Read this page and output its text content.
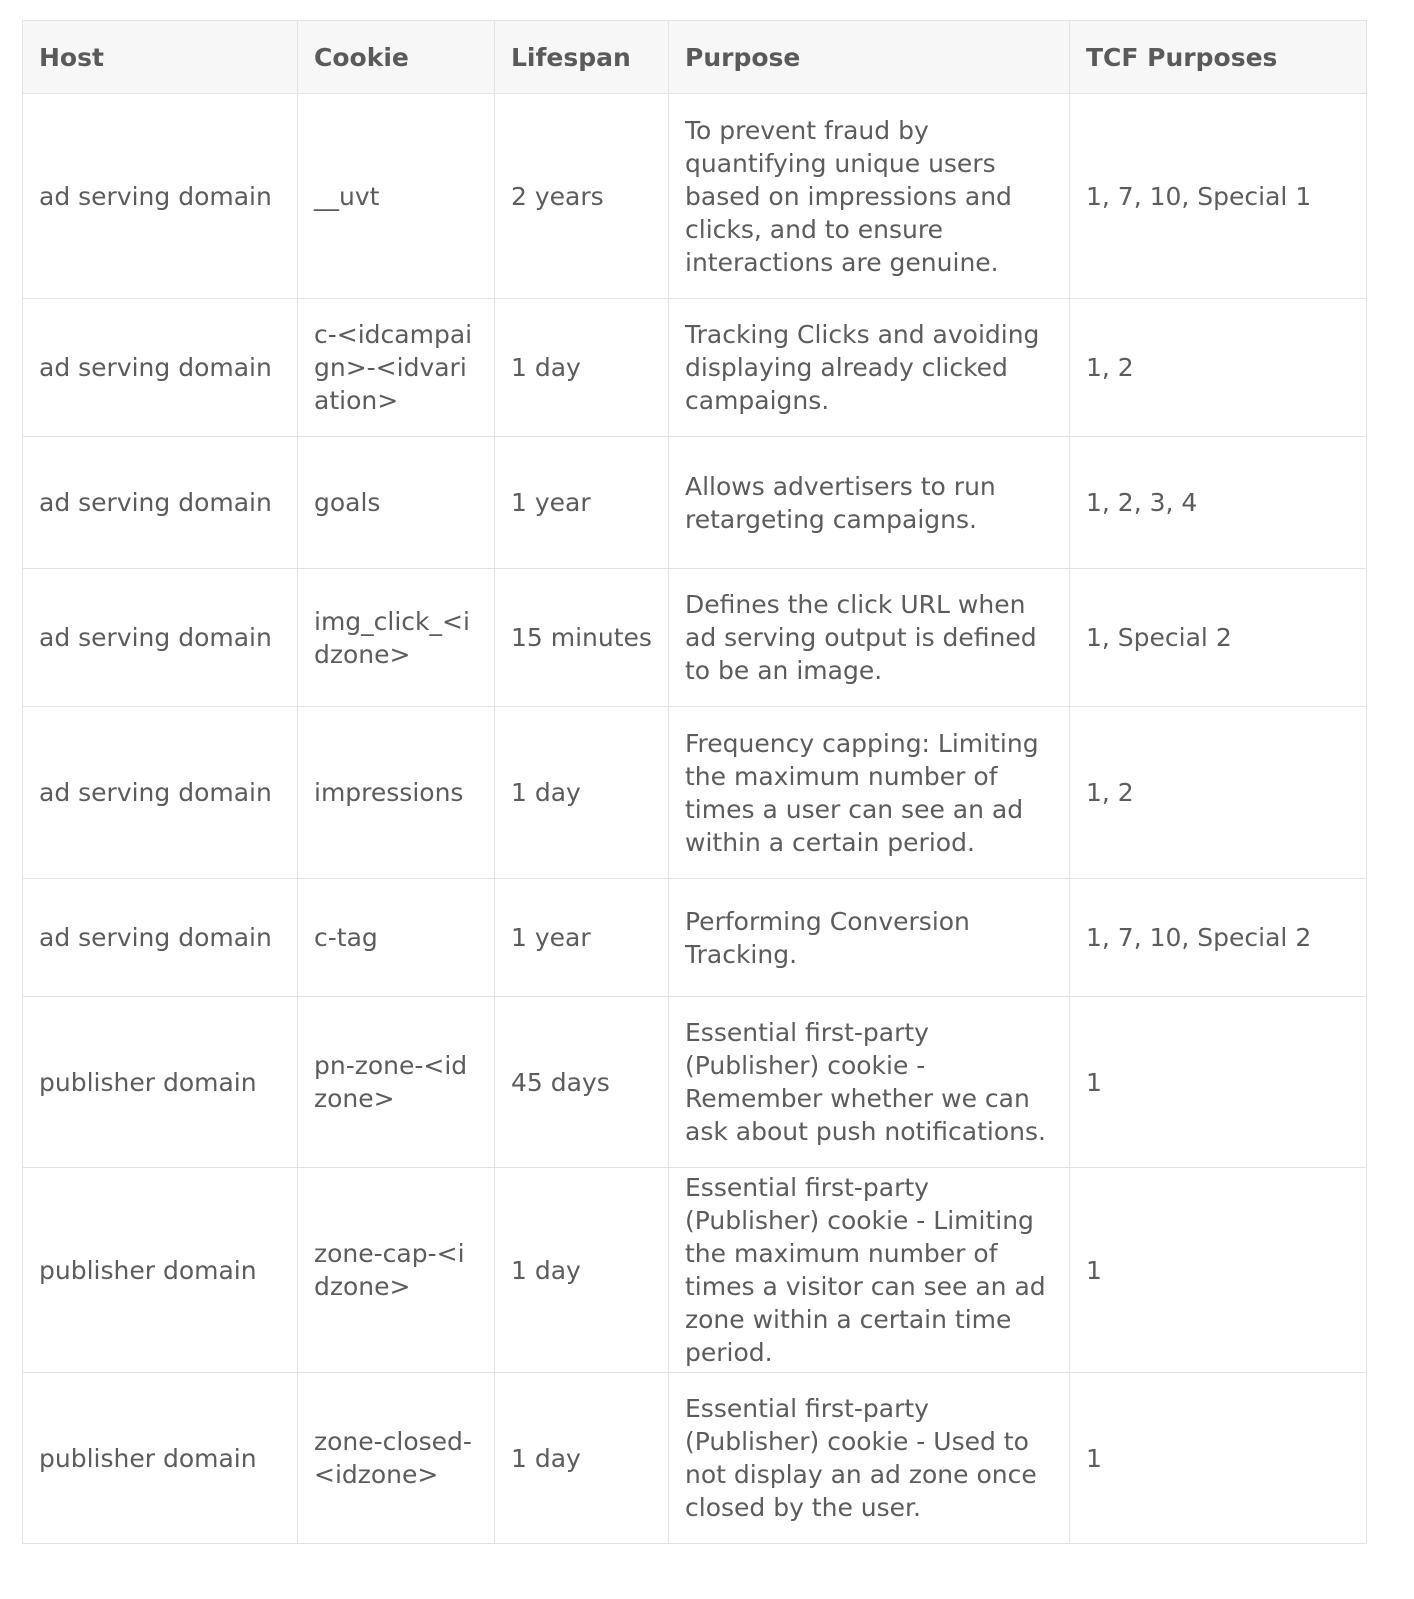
Host	Cookie	Lifespan	Purpose	TCF Purposes
ad serving domain	__uvt	2 years	To prevent fraud by quantifying unique users based on impressions and clicks, and to ensure interactions are genuine.	1, 7, 10, Special 1
ad serving domain	c-<idcampaign>-<idvariation>	1 day	Tracking Clicks and avoiding displaying already clicked campaigns.	1, 2
ad serving domain	goals	1 year	Allows advertisers to run retargeting campaigns.	1, 2, 3, 4
ad serving domain	img_click_<idzone>	15 minutes	Defines the click URL when ad serving output is defined to be an image.	1, Special 2
ad serving domain	impressions	1 day	Frequency capping: Limiting the maximum number of times a user can see an ad within a certain period.	1, 2
ad serving domain	c-tag	1 year	Performing Conversion Tracking.	1, 7, 10, Special 2
publisher domain	pn-zone-<idzone>	45 days	Essential first-party (Publisher) cookie - Remember whether we can ask about push notifications.	1
publisher domain	zone-cap-<idzone>	1 day	Essential first-party (Publisher) cookie - Limiting the maximum number of times a visitor can see an ad zone within a certain time period.	1
publisher domain	zone-closed-<idzone>	1 day	Essential first-party (Publisher) cookie - Used to not display an ad zone once closed by the user.	1
